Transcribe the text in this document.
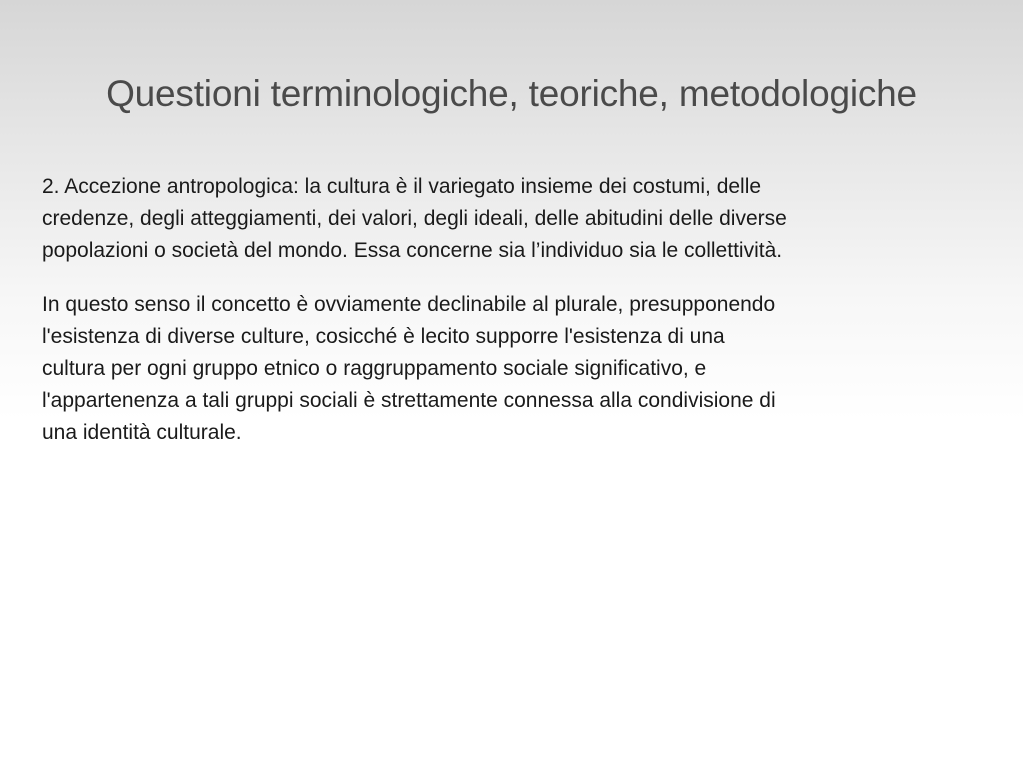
Questioni terminologiche, teoriche, metodologiche

2. Accezione antropologica: la cultura è il variegato insieme dei costumi, delle
credenze, degli atteggiamenti, dei valori, degli ideali, delle abitudini delle diverse
popolazioni o società del mondo. Essa concerne sia l’individuo sia le collettività.

In questo senso il concetto è ovviamente declinabile al plurale, presupponendo
l'esistenza di diverse culture, cosicché è lecito supporre l'esistenza di una
cultura per ogni gruppo etnico o raggruppamento sociale significativo, e
l'appartenenza a tali gruppi sociali è strettamente connessa alla condivisione di
una identità culturale.
